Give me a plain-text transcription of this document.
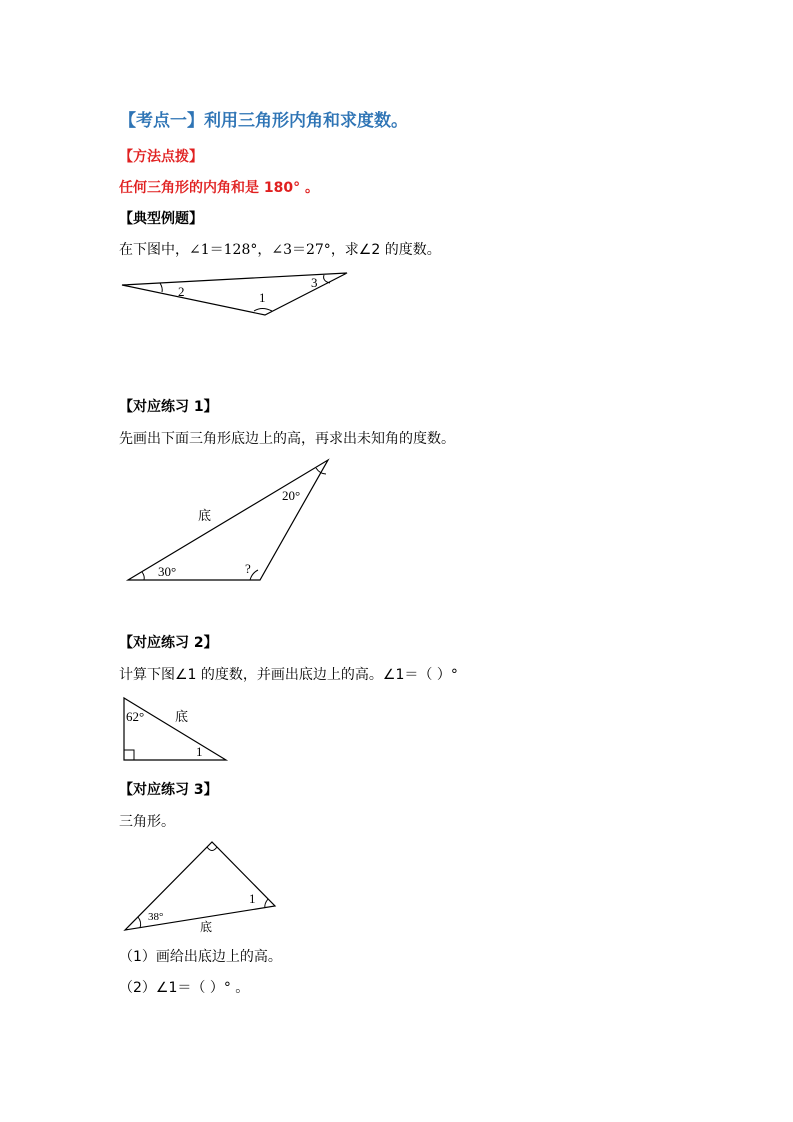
【考点一】利用三角形内角和求度数。
【方法点拨】
任何三角形的内角和是 180° 。
【典型例题】
在下图中，∠1＝128°，∠3＝27°，求∠2 的度数。
2
3
1
【对应练习 1】
先画出下面三角形底边上的高，再求出未知角的度数。
20°
底
30°	?
【对应练习 2】
计算下图∠1 的度数，并画出底边上的高。∠1＝（ ）°
62° 底
1
【对应练习 3】
三角形。
38°
1
底
（1）画给出底边上的高。
（2）∠1＝（ ）° 。
